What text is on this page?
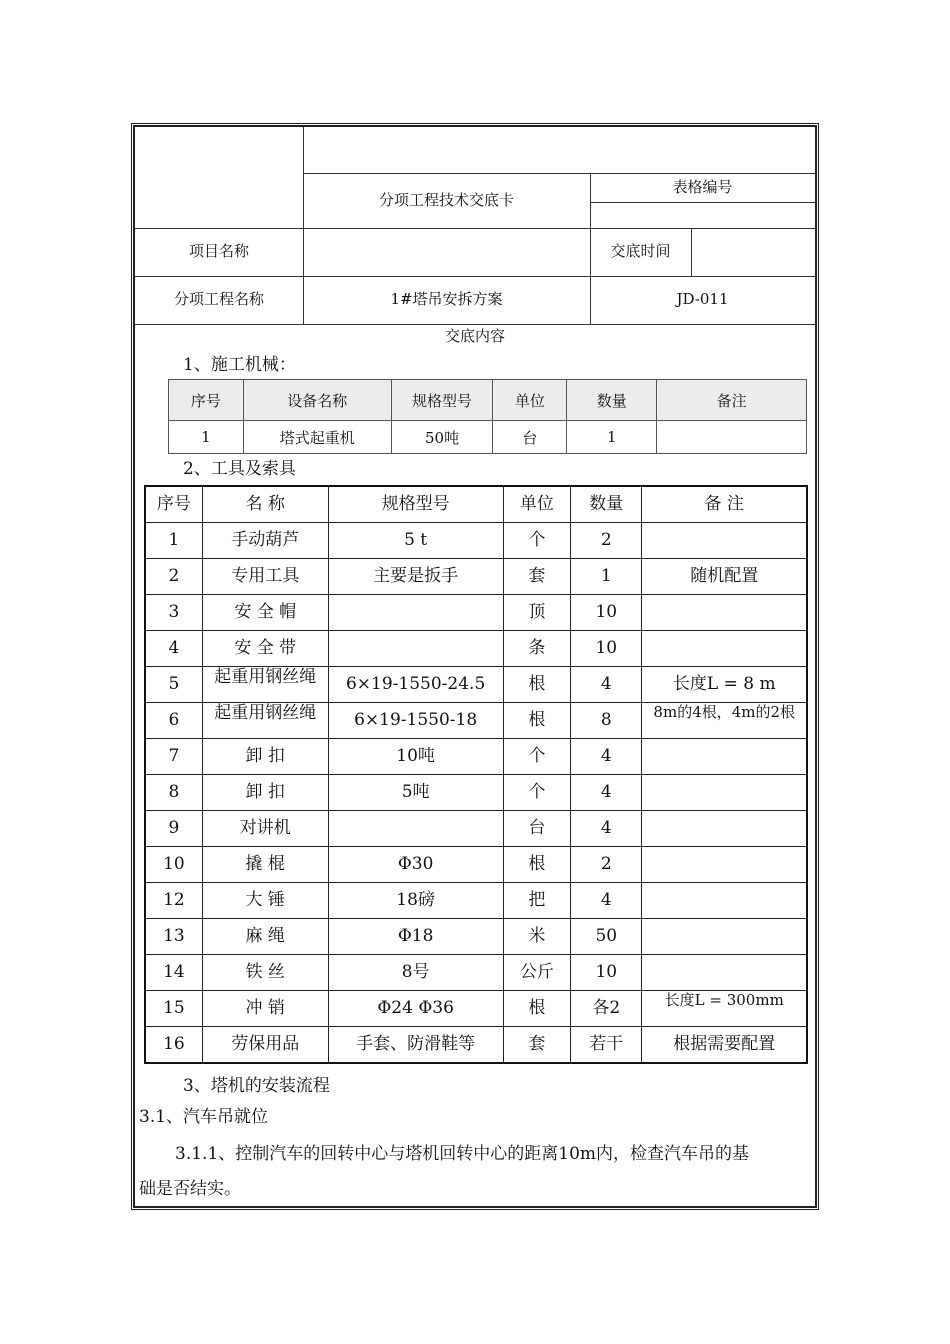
分项工程技术交底卡
表格编号
项目名称	交底时间
分项工程名称	1#塔吊安拆方案	JD-011
交底内容
1、施工机械：
序号	设备名称	规格型号	单位	数量	备注
1	塔式起重机	50吨	台	1	
2、工具及索具
序号	名 称	规格型号	单位	数量	备 注
1	手动葫芦	5 t	个	2	
2	专用工具	主要是扳手	套	1	随机配置
3	安 全 帽		顶	10	
4	安 全 带		条	10	
5	起重用钢丝绳	6×19-1550-24.5	根	4	长度L = 8 m
6	起重用钢丝绳	6×19-1550-18	根	8	8m的4根，4m的2根

7	卸 扣	10吨	个	4	
8	卸 扣	5吨	个	4	
9	对讲机		台	4	
10	撬 棍	Φ30	根	2	
12	大 锤	18磅	把	4	
13	麻 绳	Φ18	米	50	
14	铁 丝	8号	公斤	10	
15	冲 销	Φ24 Φ36	根	各2	长度L = 300mm

16	劳保用品	手套、防滑鞋等	套	若干	根据需要配置
3、塔机的安装流程
3.1、汽车吊就位
3.1.1、控制汽车的回转中心与塔机回转中心的距离10m内，检查汽车吊的基
础是否结实。
